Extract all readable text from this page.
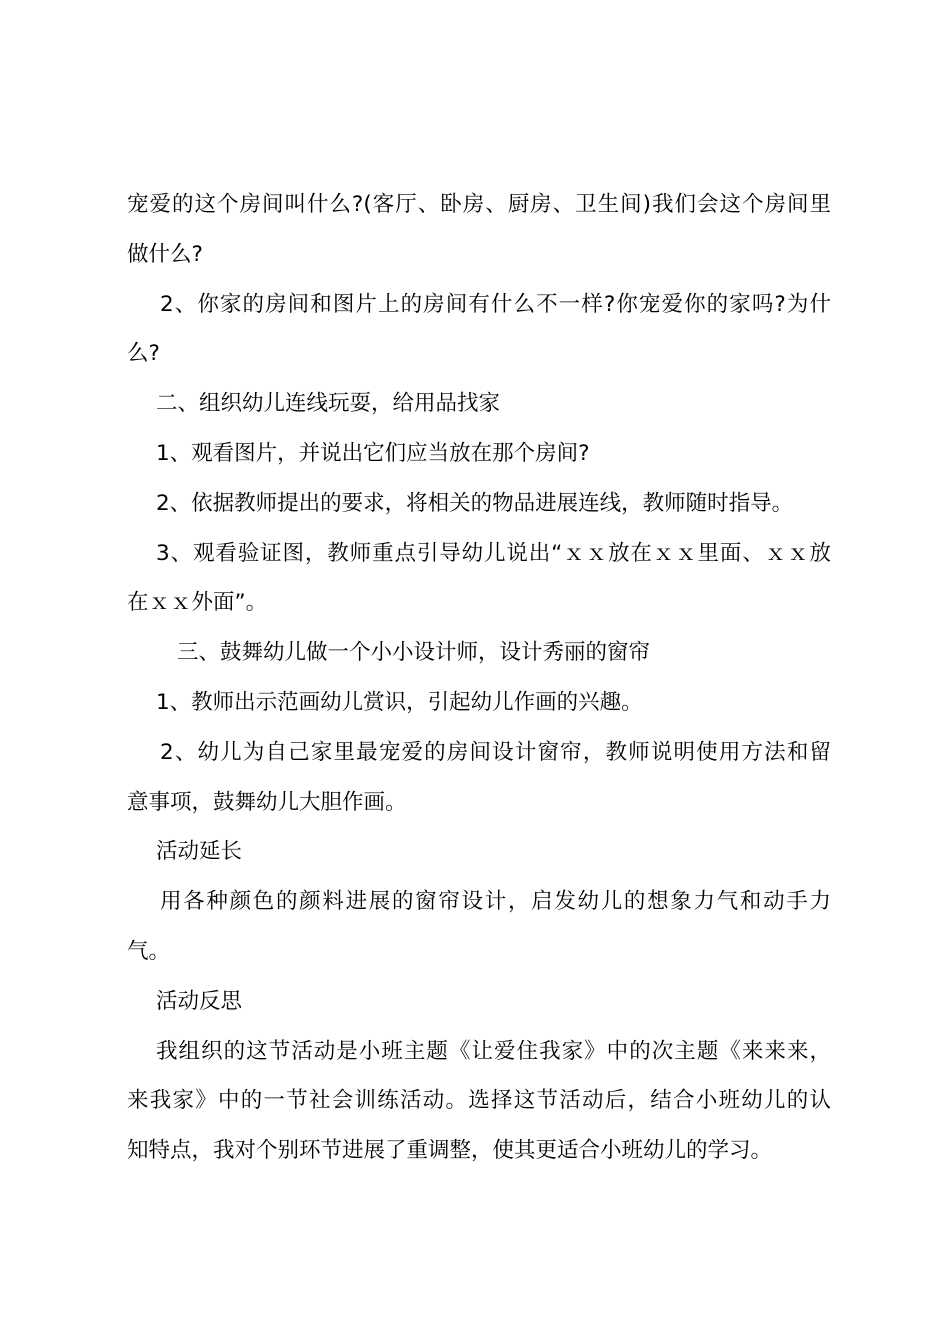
宠爱的这个房间叫什么?(客厅、卧房、厨房、卫生间)我们会这个房间里
做什么?
2、你家的房间和图片上的房间有什么不一样?你宠爱你的家吗?为什
么?
二、组织幼儿连线玩耍，给用品找家
1、观看图片，并说出它们应当放在那个房间?
2、依据教师提出的要求，将相关的物品进展连线，教师随时指导。
3、观看验证图，教师重点引导幼儿说出“ｘｘ放在ｘｘ里面、ｘｘ放
在ｘｘ外面”。
三、鼓舞幼儿做一个小小设计师，设计秀丽的窗帘
1、教师出示范画幼儿赏识，引起幼儿作画的兴趣。
2、幼儿为自己家里最宠爱的房间设计窗帘，教师说明使用方法和留
意事项，鼓舞幼儿大胆作画。
活动延长
用各种颜色的颜料进展的窗帘设计，启发幼儿的想象力气和动手力
气。
活动反思
我组织的这节活动是小班主题《让爱住我家》中的次主题《来来来，
来我家》中的一节社会训练活动。选择这节活动后，结合小班幼儿的认
知特点，我对个别环节进展了重调整，使其更适合小班幼儿的学习。
